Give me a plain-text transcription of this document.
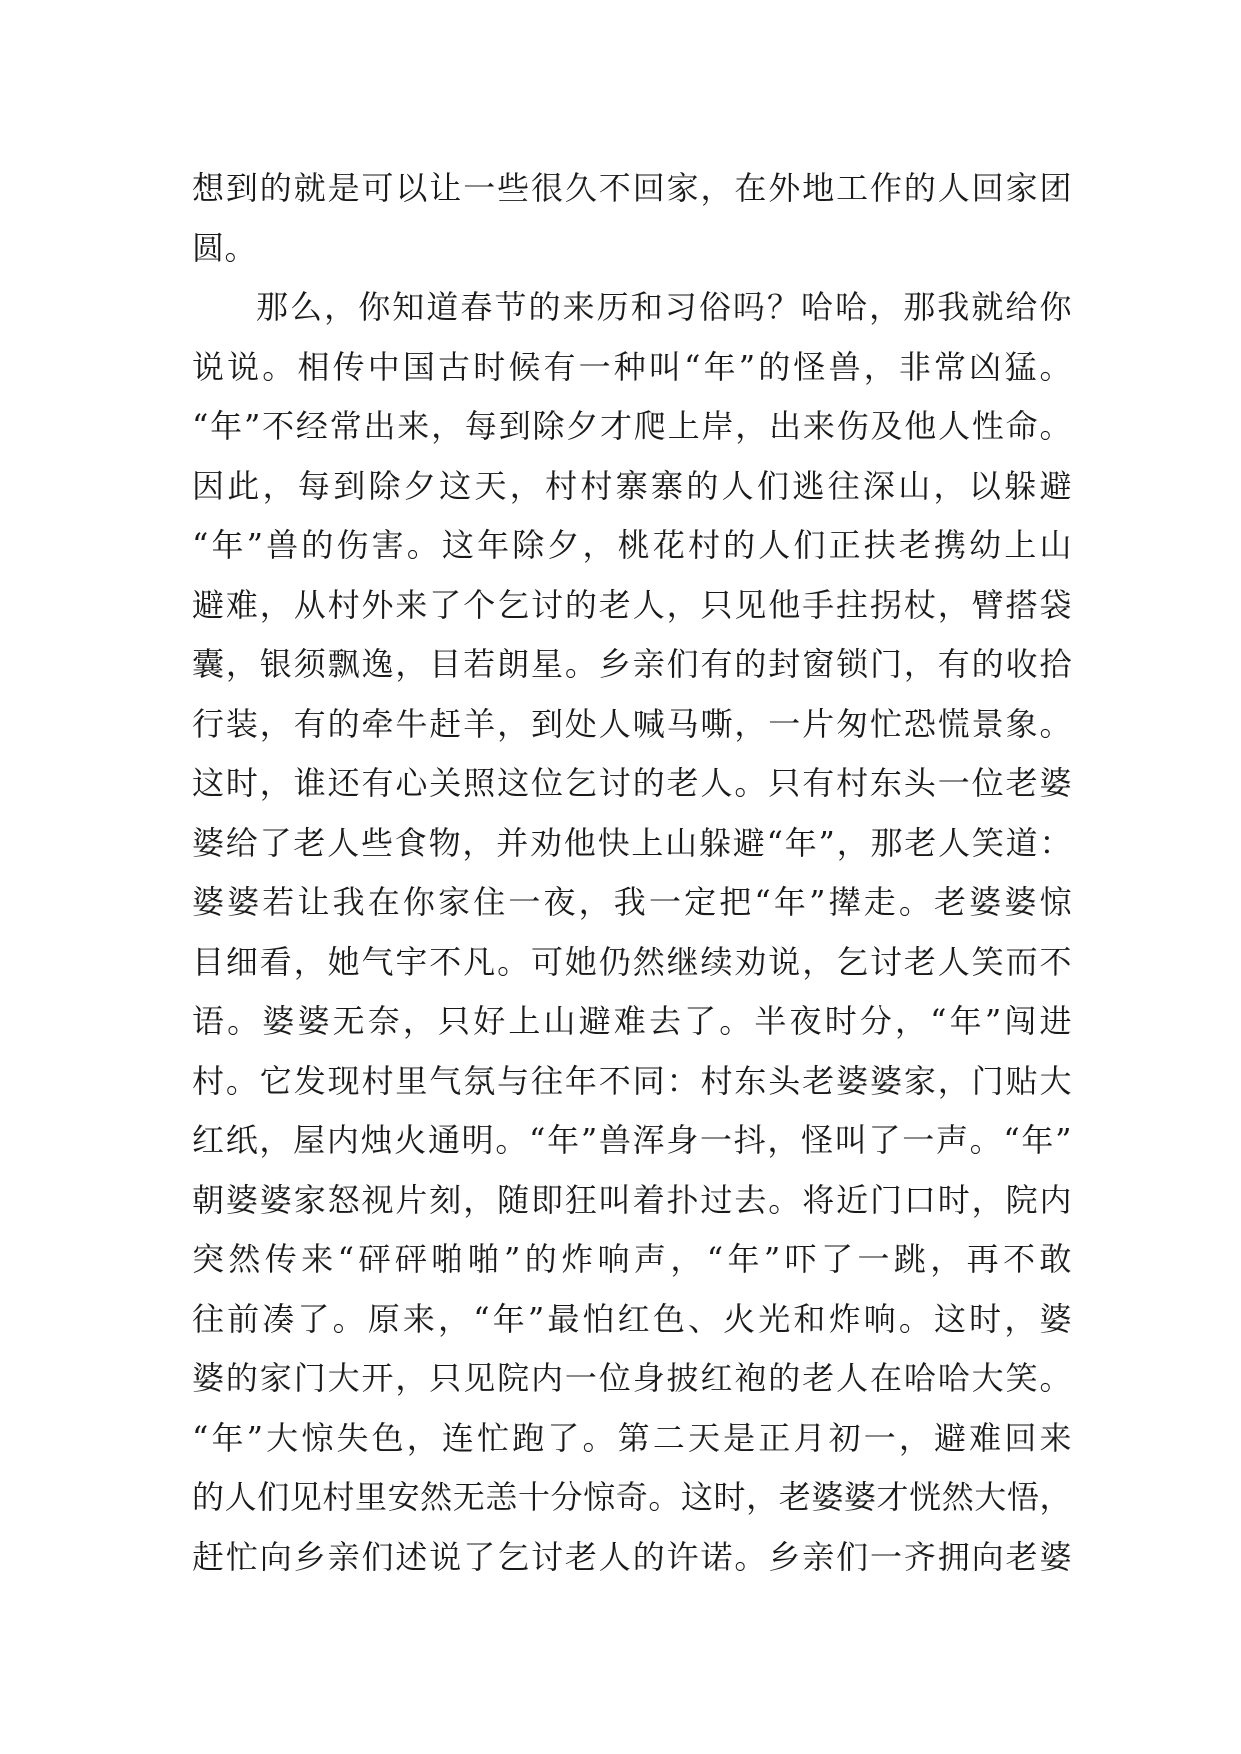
想到的就是可以让一些很久不回家，在外地工作的人回家团
圆。
那么，你知道春节的来历和习俗吗？哈哈，那我就给你
说说。相传中国古时候有一种叫“年”的怪兽，非常凶猛。
“年”不经常出来，每到除夕才爬上岸，出来伤及他人性命。
因此，每到除夕这天，村村寨寨的人们逃往深山，以躲避
“年”兽的伤害。这年除夕，桃花村的人们正扶老携幼上山
避难，从村外来了个乞讨的老人，只见他手拄拐杖，臂搭袋
囊，银须飘逸，目若朗星。乡亲们有的封窗锁门，有的收拾
行装，有的牵牛赶羊，到处人喊马嘶，一片匆忙恐慌景象。
这时，谁还有心关照这位乞讨的老人。只有村东头一位老婆
婆给了老人些食物，并劝他快上山躲避“年”，那老人笑道：
婆婆若让我在你家住一夜，我一定把“年”撵走。老婆婆惊
目细看，她气宇不凡。可她仍然继续劝说，乞讨老人笑而不
语。婆婆无奈，只好上山避难去了。半夜时分，“年”闯进
村。它发现村里气氛与往年不同：村东头老婆婆家，门贴大
红纸，屋内烛火通明。“年”兽浑身一抖，怪叫了一声。“年”
朝婆婆家怒视片刻，随即狂叫着扑过去。将近门口时，院内
突然传来“砰砰啪啪”的炸响声，“年”吓了一跳，再不敢
往前凑了。原来，“年”最怕红色、火光和炸响。这时，婆
婆的家门大开，只见院内一位身披红袍的老人在哈哈大笑。
“年”大惊失色，连忙跑了。第二天是正月初一，避难回来
的人们见村里安然无恙十分惊奇。这时，老婆婆才恍然大悟，
赶忙向乡亲们述说了乞讨老人的许诺。乡亲们一齐拥向老婆
